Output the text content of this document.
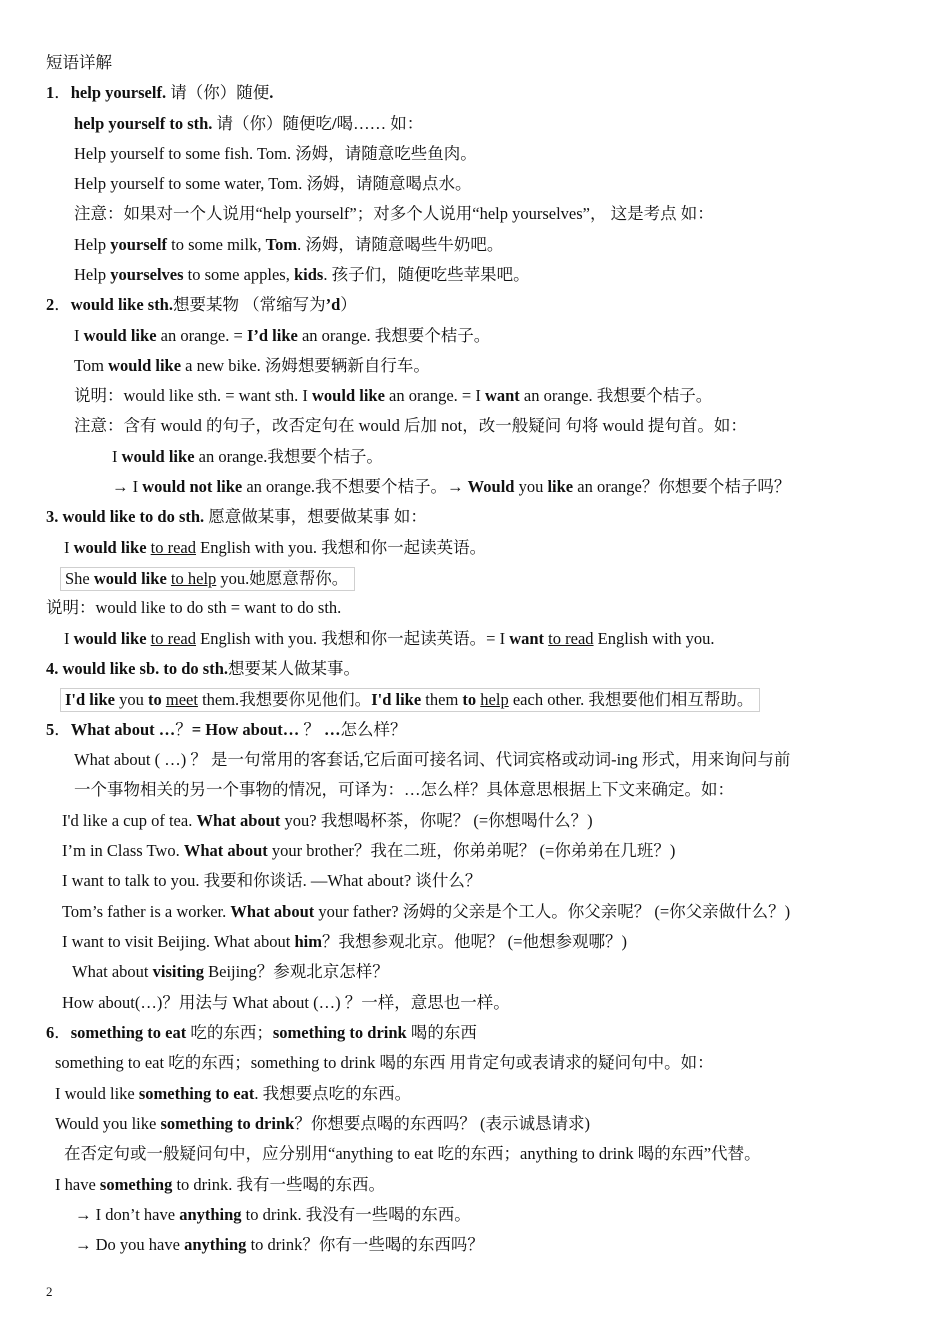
短语详解
1．help yourself. 请（你）随便.
help yourself to sth. 请（你）随便吃/喝…… 如：
Help yourself to some fish. Tom. 汤姆，请随意吃些鱼肉。
Help yourself to some water, Tom. 汤姆，请随意喝点水。
注意：如果对一个人说用“help yourself”；对多个人说用“help yourselves”， 这是考点 如：
Help yourself to some milk, Tom. 汤姆，请随意喝些牛奶吧。
Help yourselves to some apples, kids. 孩子们，随便吃些苹果吧。
2．would like sth.想要某物 （常缩写为’d）
I would like an orange. = I’d like an orange. 我想要个桔子。
Tom would like a new bike. 汤姆想要辆新自行车。
说明：would like sth. = want sth. I would like an orange. = I want an orange. 我想要个桔子。
注意：含有 would 的句子，改否定句在 would 后加 not，改一般疑问 句将 would 提句首。如：
I would like an orange.我想要个桔子。
→ I would not like an orange.我不想要个桔子。→ Would you like an orange？你想要个桔子吗？
3. would like to do sth. 愿意做某事，想要做某事 如：
I would like to read English with you. 我想和你一起读英语。
She would like to help you.她愿意帮你。
说明：would like to do sth = want to do sth.
I would like to read English with you. 我想和你一起读英语。= I want to read English with you.
4. would like sb. to do sth.想要某人做某事。
I'd like you to meet them.我想要你见他们。I'd like them to help each other. 我想要他们相互帮助。
5．What about …？= How about… ？ …怎么样？
What about ( …) ？ 是一句常用的客套话,它后面可接名词、代词宾格或动词-ing 形式，用来询问与前
一个事物相关的另一个事物的情况，可译为：…怎么样？具体意思根据上下文来确定。如：
I'd like a cup of tea. What about you? 我想喝杯茶，你呢？ (=你想喝什么？)
I’m in Class Two. What about your brother？我在二班，你弟弟呢？ (=你弟弟在几班？)
I want to talk to you. 我要和你谈话. —What about? 谈什么？
Tom’s father is a worker. What about your father? 汤姆的父亲是个工人。你父亲呢？ (=你父亲做什么？)
I want to visit Beijing. What about him？我想参观北京。他呢？ (=他想参观哪？)
What about visiting Beijing？参观北京怎样？
How about(…)？用法与 What about (…) ？一样，意思也一样。
6．something to eat 吃的东西；something to drink 喝的东西
something to eat 吃的东西；something to drink 喝的东西 用肯定句或表请求的疑问句中。如：
I would like something to eat. 我想要点吃的东西。
Would you like something to drink？你想要点喝的东西吗？ (表示诚恳请求)
在否定句或一般疑问句中，应分别用“anything to eat 吃的东西；anything to drink 喝的东西”代替。
I have something to drink. 我有一些喝的东西。
→ I don’t have anything to drink. 我没有一些喝的东西。
→ Do you have anything to drink？你有一些喝的东西吗？
2
